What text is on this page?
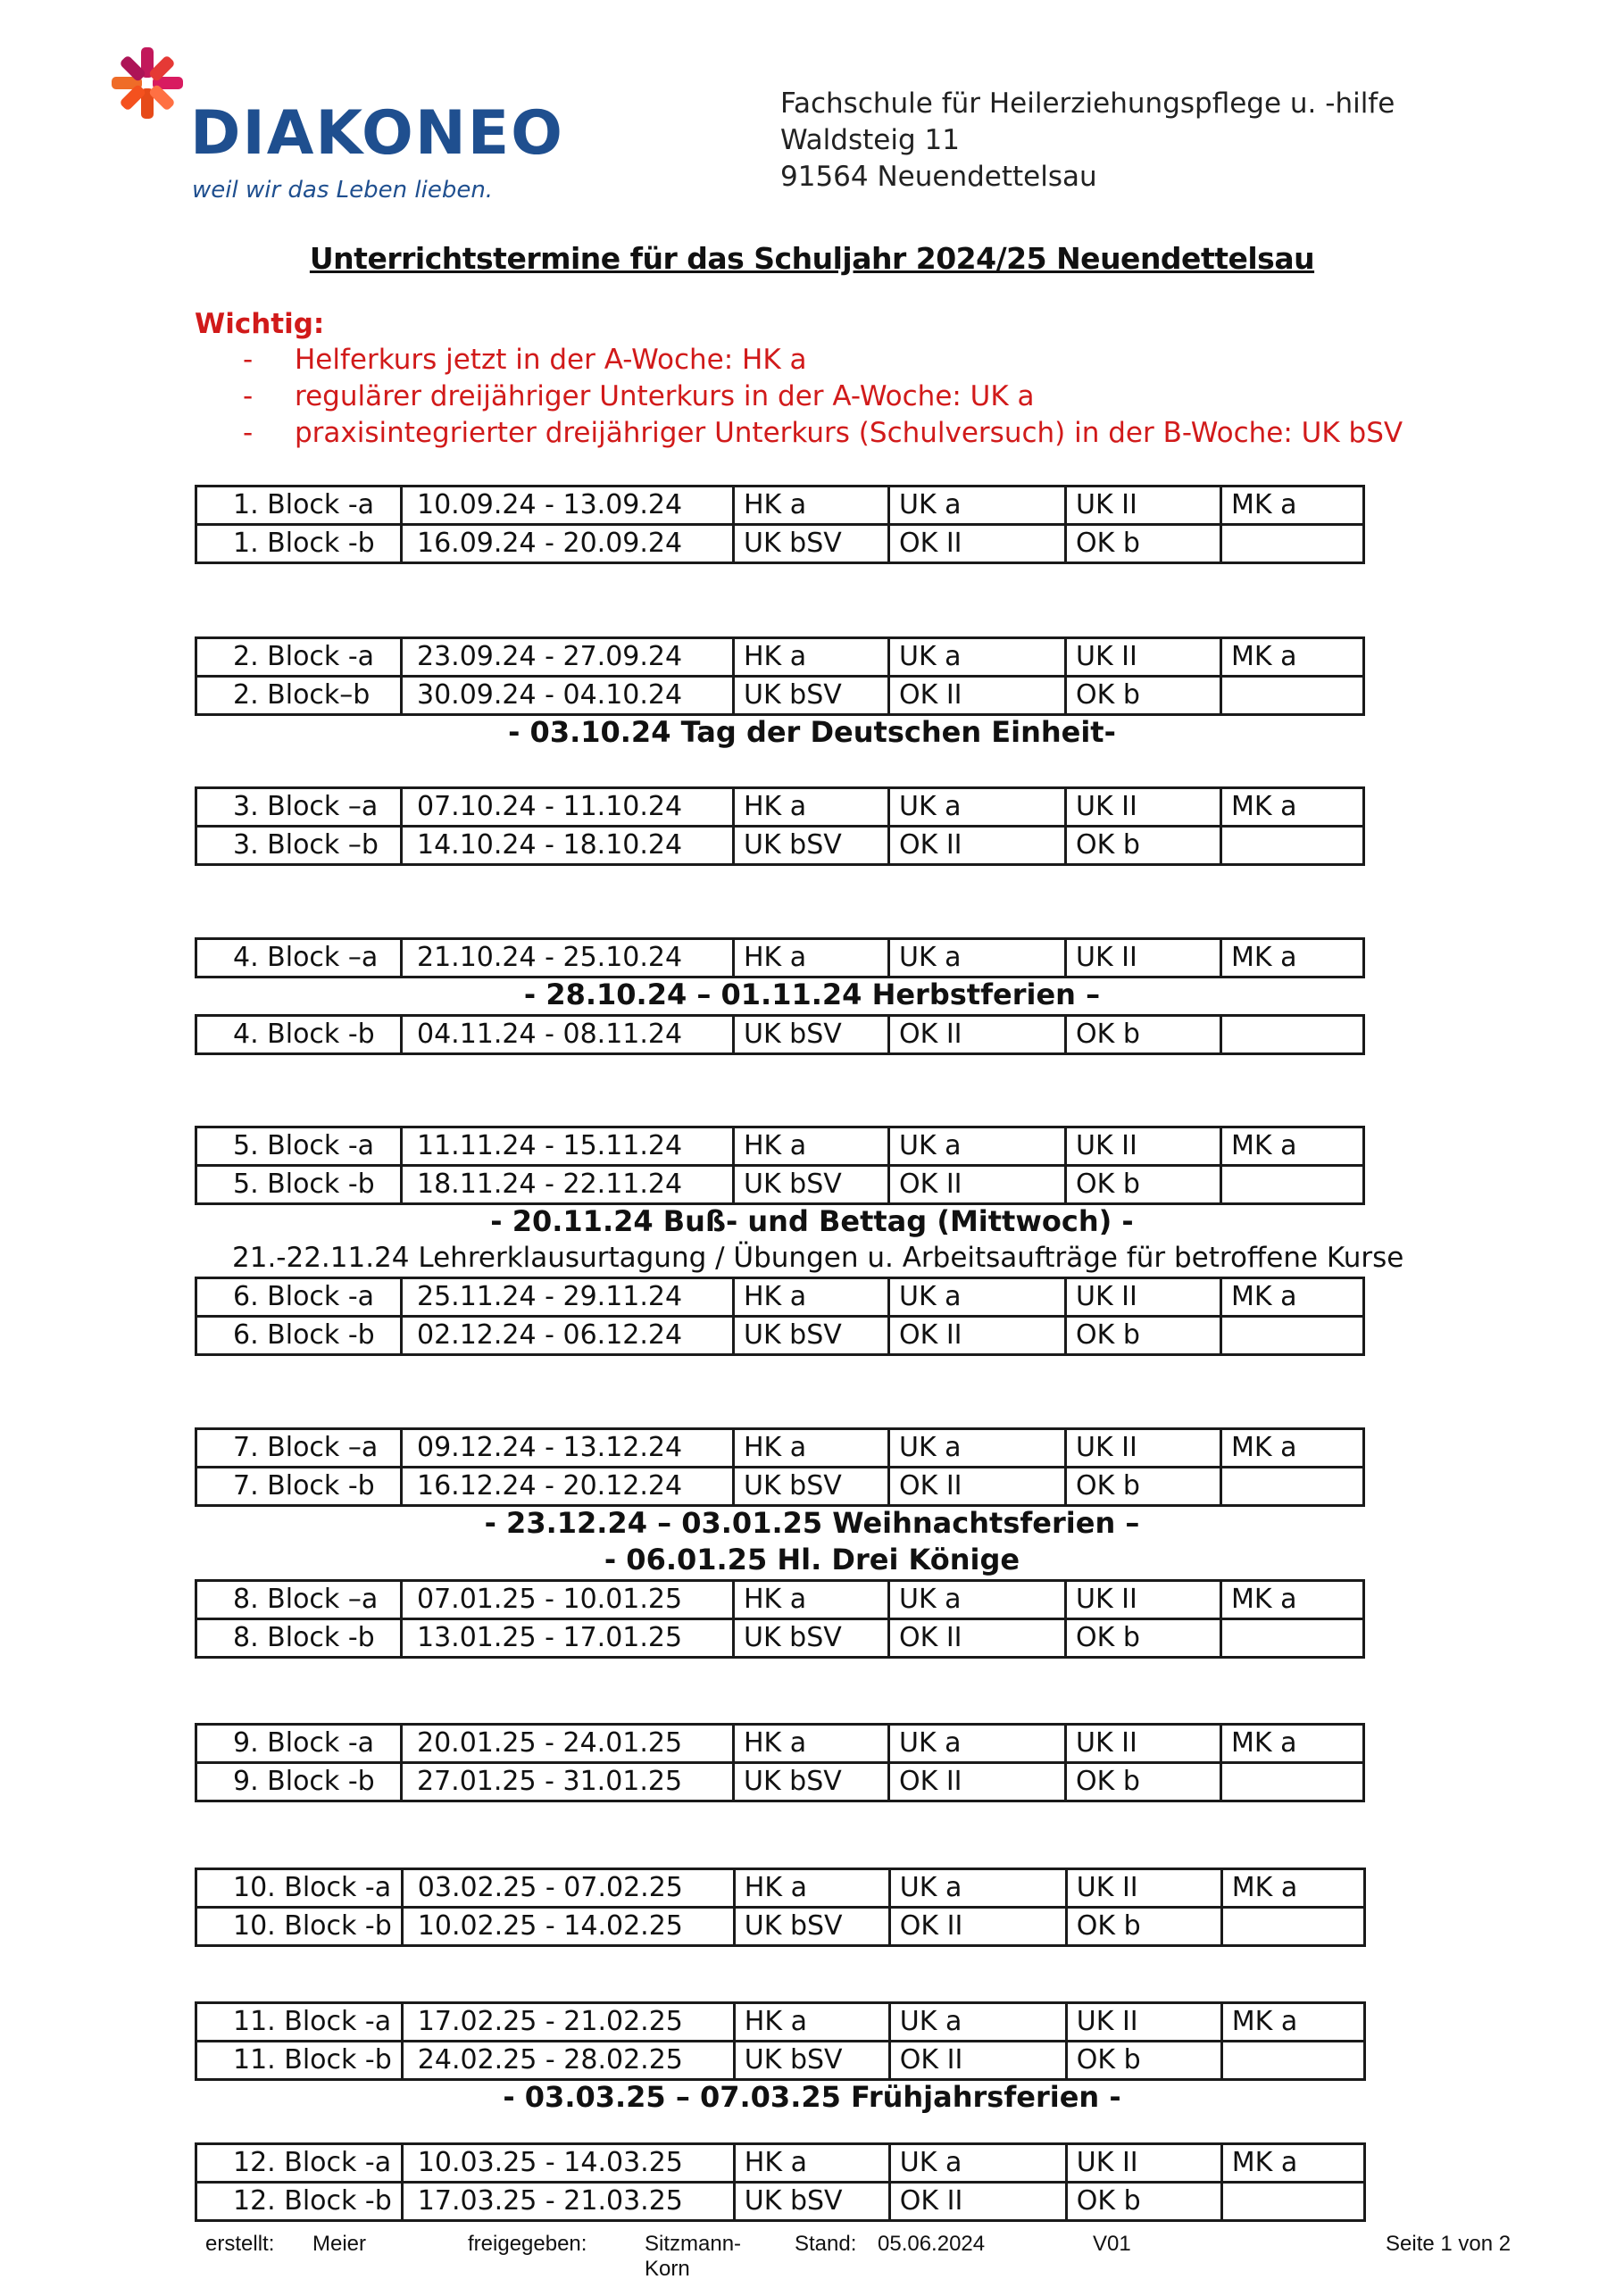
DIAKONEO
weil wir das Leben lieben.
Fachschule für Heilerziehungspflege u. -hilfe
Waldsteig 11
91564 Neuendettelsau
Unterrichtstermine für das Schuljahr 2024/25 Neuendettelsau
Wichtig:
- Helferkurs jetzt in der A-Woche: HK a
- regulärer dreijähriger Unterkurs in der A-Woche: UK a
- praxisintegrierter dreijähriger Unterkurs (Schulversuch) in der B-Woche: UK bSV
1. Block -a	10.09.24 - 13.09.24	HK a	UK a	UK II	MK a
1. Block -b	16.09.24 - 20.09.24	UK bSV	OK II	OK b	
2. Block -a	23.09.24 - 27.09.24	HK a	UK a	UK II	MK a
2. Block–b	30.09.24 - 04.10.24	UK bSV	OK II	OK b	
- 03.10.24 Tag der Deutschen Einheit-
3. Block –a	07.10.24 - 11.10.24	HK a	UK a	UK II	MK a
3. Block –b	14.10.24 - 18.10.24	UK bSV	OK II	OK b	
4. Block –a	21.10.24 - 25.10.24	HK a	UK a	UK II	MK a
- 28.10.24 – 01.11.24 Herbstferien –
4. Block -b	04.11.24 - 08.11.24	UK bSV	OK II	OK b	
5. Block -a	11.11.24 - 15.11.24	HK a	UK a	UK II	MK a
5. Block -b	18.11.24 - 22.11.24	UK bSV	OK II	OK b	
- 20.11.24 Buß- und Bettag (Mittwoch) -
21.-22.11.24 Lehrerklausurtagung / Übungen u. Arbeitsaufträge für betroffene Kurse
6. Block -a	25.11.24 - 29.11.24	HK a	UK a	UK II	MK a
6. Block -b	02.12.24 - 06.12.24	UK bSV	OK II	OK b	
7. Block –a	09.12.24 - 13.12.24	HK a	UK a	UK II	MK a
7. Block -b	16.12.24 - 20.12.24	UK bSV	OK II	OK b	
- 23.12.24 – 03.01.25 Weihnachtsferien –
- 06.01.25 Hl. Drei Könige
8. Block –a	07.01.25 - 10.01.25	HK a	UK a	UK II	MK a
8. Block -b	13.01.25 - 17.01.25	UK bSV	OK II	OK b	
9. Block -a	20.01.25 - 24.01.25	HK a	UK a	UK II	MK a
9. Block -b	27.01.25 - 31.01.25	UK bSV	OK II	OK b	
10. Block -a	03.02.25 - 07.02.25	HK a	UK a	UK II	MK a
10. Block -b	10.02.25 - 14.02.25	UK bSV	OK II	OK b	
11. Block -a	17.02.25 - 21.02.25	HK a	UK a	UK II	MK a
11. Block -b	24.02.25 - 28.02.25	UK bSV	OK II	OK b	
- 03.03.25 – 07.03.25 Frühjahrsferien -
12. Block -a	10.03.25 - 14.03.25	HK a	UK a	UK II	MK a
12. Block -b	17.03.25 - 21.03.25	UK bSV	OK II	OK b	
erstellt: Meier	freigegeben:	Sitzmann-
Korn
Stand: 05.06.2024	V01	Seite 1 von 2
